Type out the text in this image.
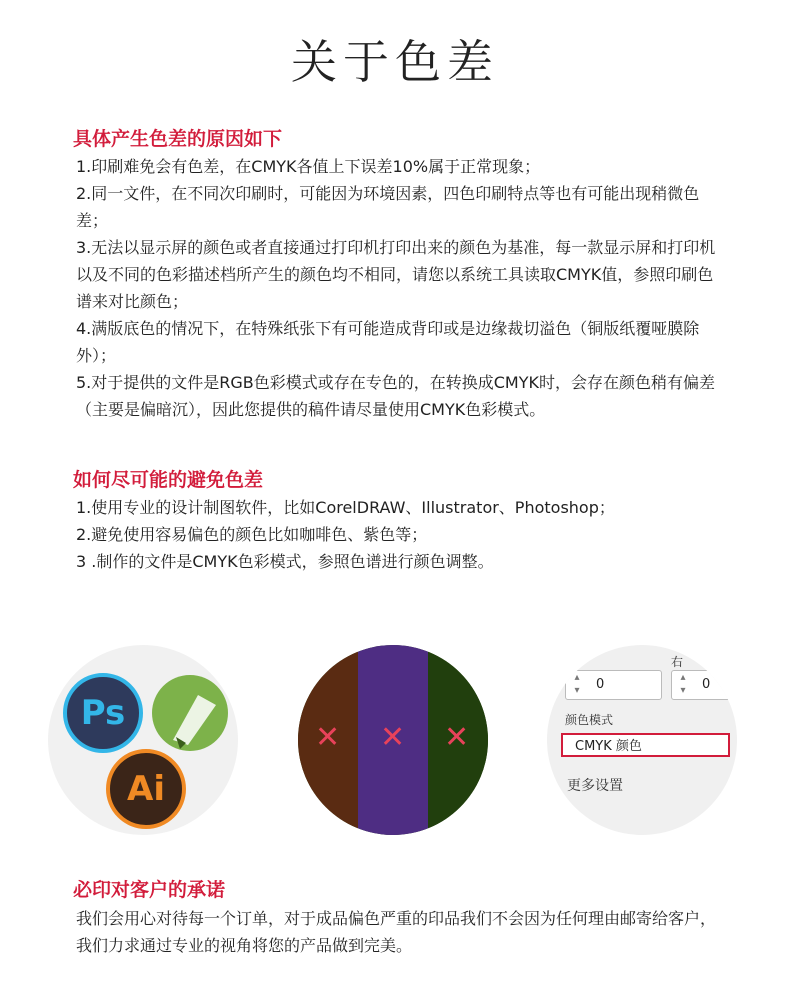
关于色差
具体产生色差的原因如下
1.印刷难免会有色差，在CMYK各值上下误差10%属于正常现象；
2.同一文件，在不同次印刷时，可能因为环境因素，四色印刷特点等也有可能出现稍微色差；
3.无法以显示屏的颜色或者直接通过打印机打印出来的颜色为基准，每一款显示屏和打印机以及不同的色彩描述档所产生的颜色均不相同，请您以系统工具读取CMYK值，参照印刷色谱来对比颜色；
4.满版底色的情况下，在特殊纸张下有可能造成背印或是边缘裁切溢色（铜版纸覆哑膜除外）；
5.对于提供的文件是RGB色彩模式或存在专色的，在转换成CMYK时，会存在颜色稍有偏差（主要是偏暗沉），因此您提供的稿件请尽量使用CMYK色彩模式。
如何尽可能的避免色差
1.使用专业的设计制图软件，比如CorelDRAW、Illustrator、Photoshop；
2.避免使用容易偏色的颜色比如咖啡色、紫色等；
3 .制作的文件是CMYK色彩模式，参照色谱进行颜色调整。
Ps
Ai
✕ ✕ ✕
右
▴
▾	0	▴
▾	0
颜色模式
CMYK 颜色
更多设置
必印对客户的承诺
我们会用心对待每一个订单，对于成品偏色严重的印品我们不会因为任何理由邮寄给客户，我们力求通过专业的视角将您的产品做到完美。
